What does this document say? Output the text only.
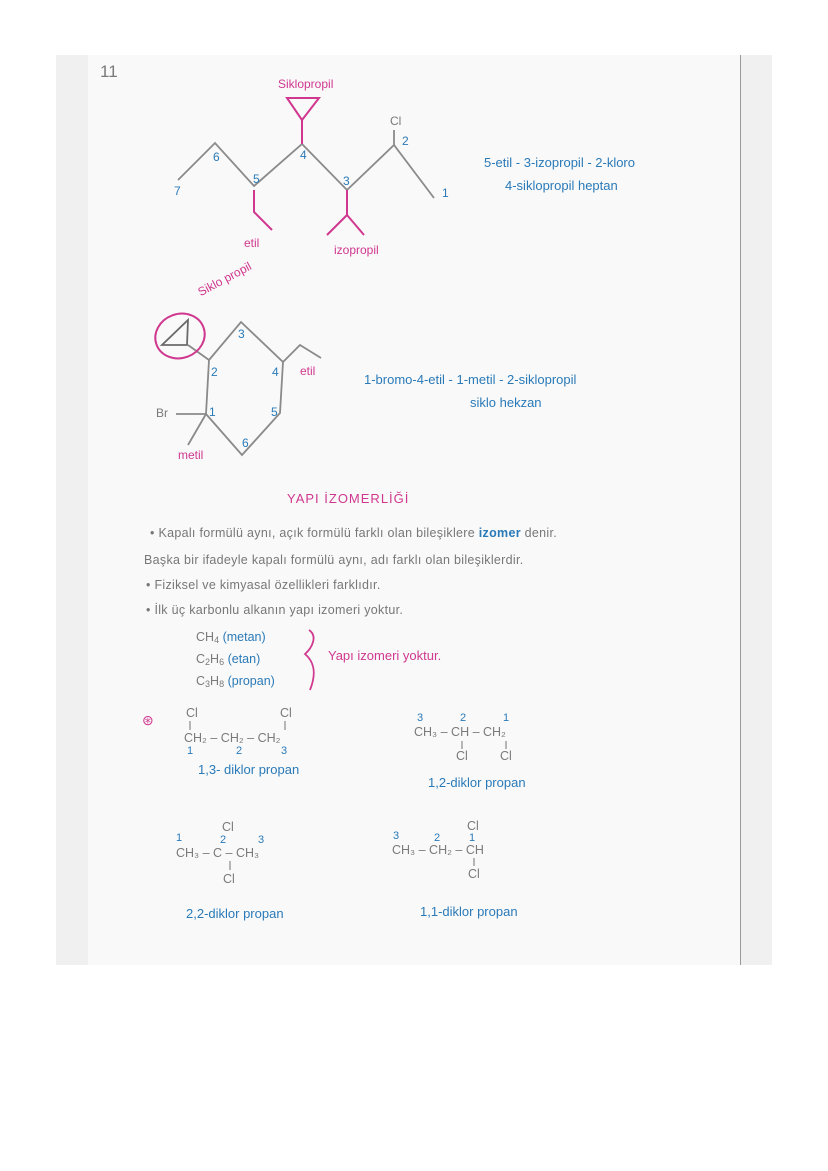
11
Siklopropil
Cl
etil	izopropil
7
6
5
4
3
2
1
5-etil - 3-izopropil - 2-kloro
4-siklopropil heptan
Siklo propil
etil
metil
Br	1
2
3
4
5
6
1-bromo-4-etil - 1-metil - 2-siklopropil
siklo hekzan
YAPI İZOMERLİĞİ
• Kapalı formülü aynı, açık formülü farklı olan bileşiklere izomer denir.
Başka bir ifadeyle kapalı formülü aynı, adı farklı olan bileşiklerdir.
• Fiziksel ve kimyasal özellikleri farklıdır.
• İlk üç karbonlu alkanın yapı izomeri yoktur.
$CH_4$ (metan)
$C_2H_6$ (etan)
$C_3H_8$ (propan)
Yapı izomeri yoktur.
⊛	Cl	Cl
CH₂ – CH₂ – CH₂
1	2	3
1,3- diklor propan
3	2	1
CH₃ – CH – CH₂
Cl	Cl
1,2-diklor propan
Cl
1	2	3
CH₃ – C – CH₃
Cl
2,2-diklor propan
Cl
3	2	1
CH₃ – CH₂ – CH
Cl
1,1-diklor propan
